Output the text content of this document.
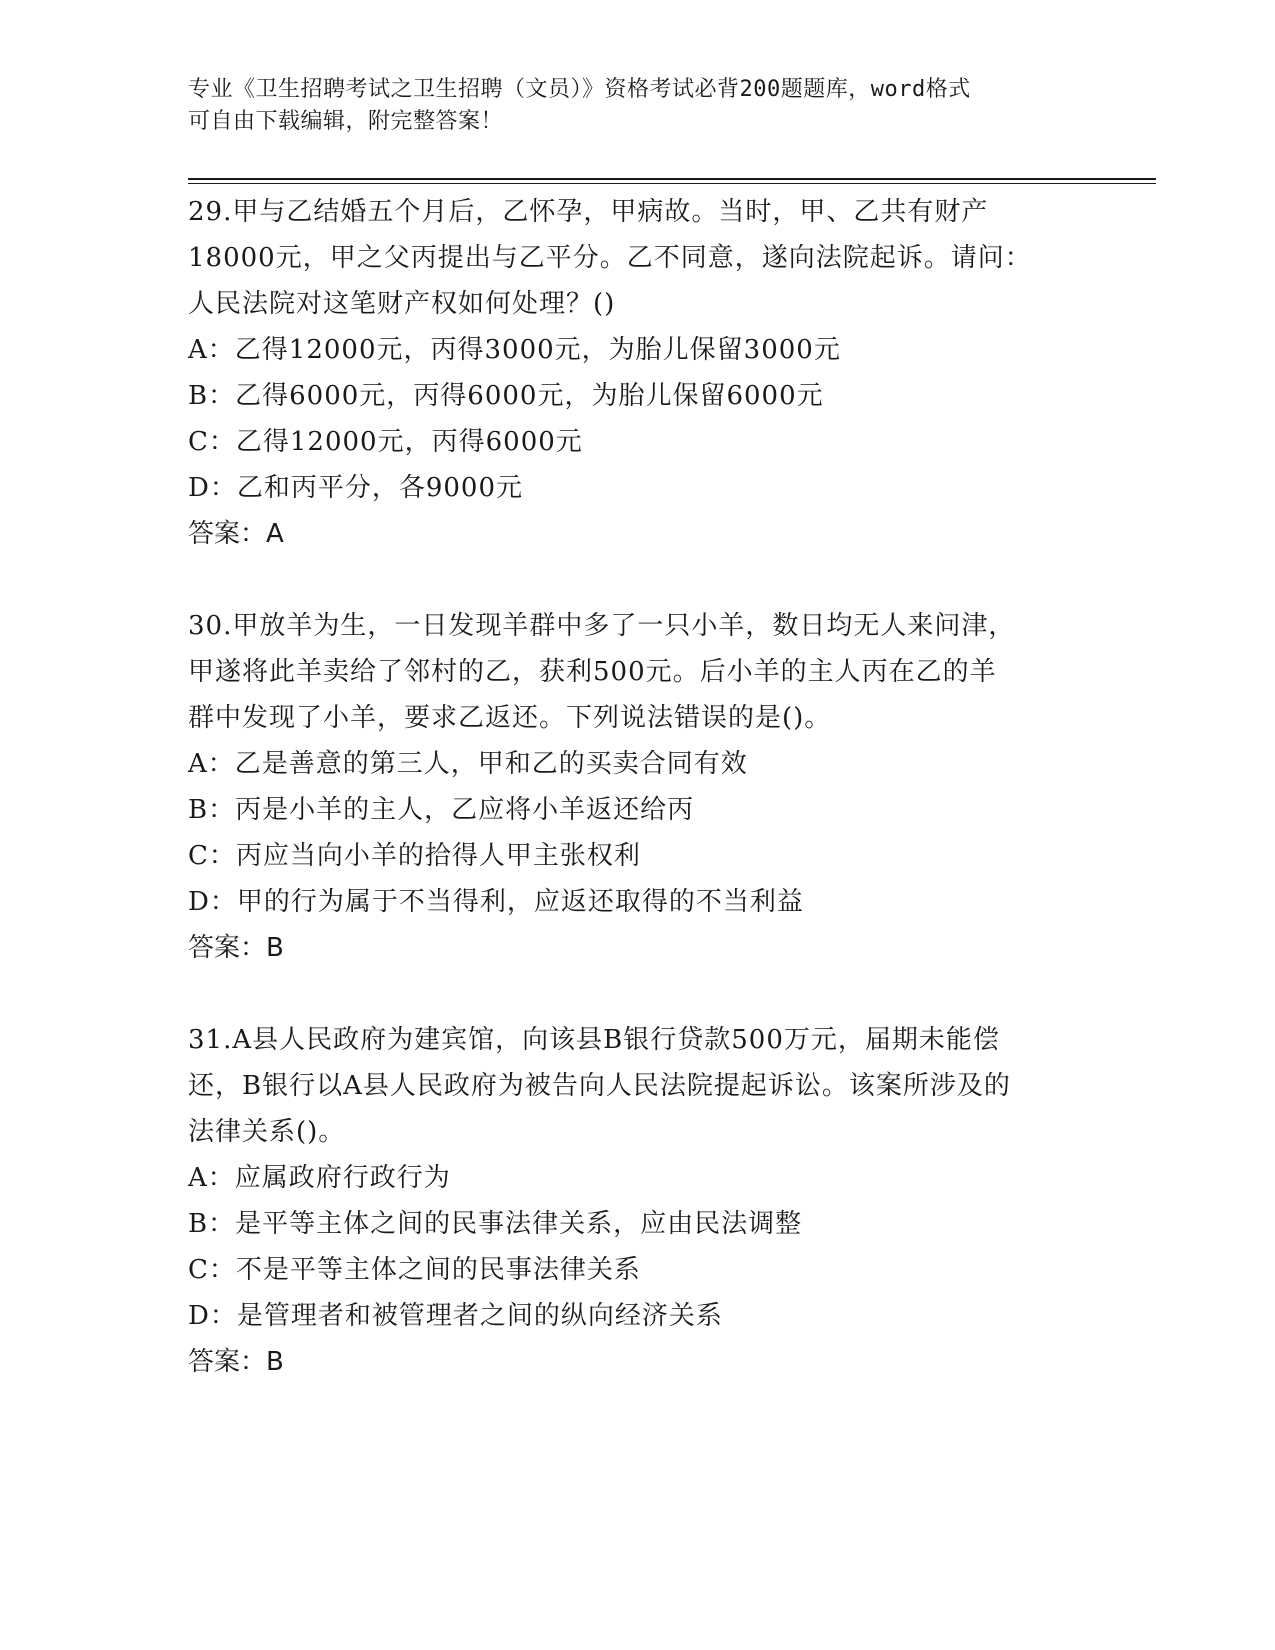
专业《卫生招聘考试之卫生招聘（文员）》资格考试必背200题题库，word格式
可自由下载编辑，附完整答案！
29.甲与乙结婚五个月后，乙怀孕，甲病故。当时，甲、乙共有财产
18000元，甲之父丙提出与乙平分。乙不同意，遂向法院起诉。请问：
人民法院对这笔财产权如何处理？()
A：乙得12000元，丙得3000元，为胎儿保留3000元
B：乙得6000元，丙得6000元，为胎儿保留6000元
C：乙得12000元，丙得6000元
D：乙和丙平分，各9000元
答案：A
30.甲放羊为生，一日发现羊群中多了一只小羊，数日均无人来问津，
甲遂将此羊卖给了邻村的乙，获利500元。后小羊的主人丙在乙的羊
群中发现了小羊，要求乙返还。下列说法错误的是()。
A：乙是善意的第三人，甲和乙的买卖合同有效
B：丙是小羊的主人，乙应将小羊返还给丙
C：丙应当向小羊的拾得人甲主张权利
D：甲的行为属于不当得利，应返还取得的不当利益
答案：B
31.A县人民政府为建宾馆，向该县B银行贷款500万元，届期未能偿
还，B银行以A县人民政府为被告向人民法院提起诉讼。该案所涉及的
法律关系()。
A：应属政府行政行为
B：是平等主体之间的民事法律关系，应由民法调整
C：不是平等主体之间的民事法律关系
D：是管理者和被管理者之间的纵向经济关系
答案：B
